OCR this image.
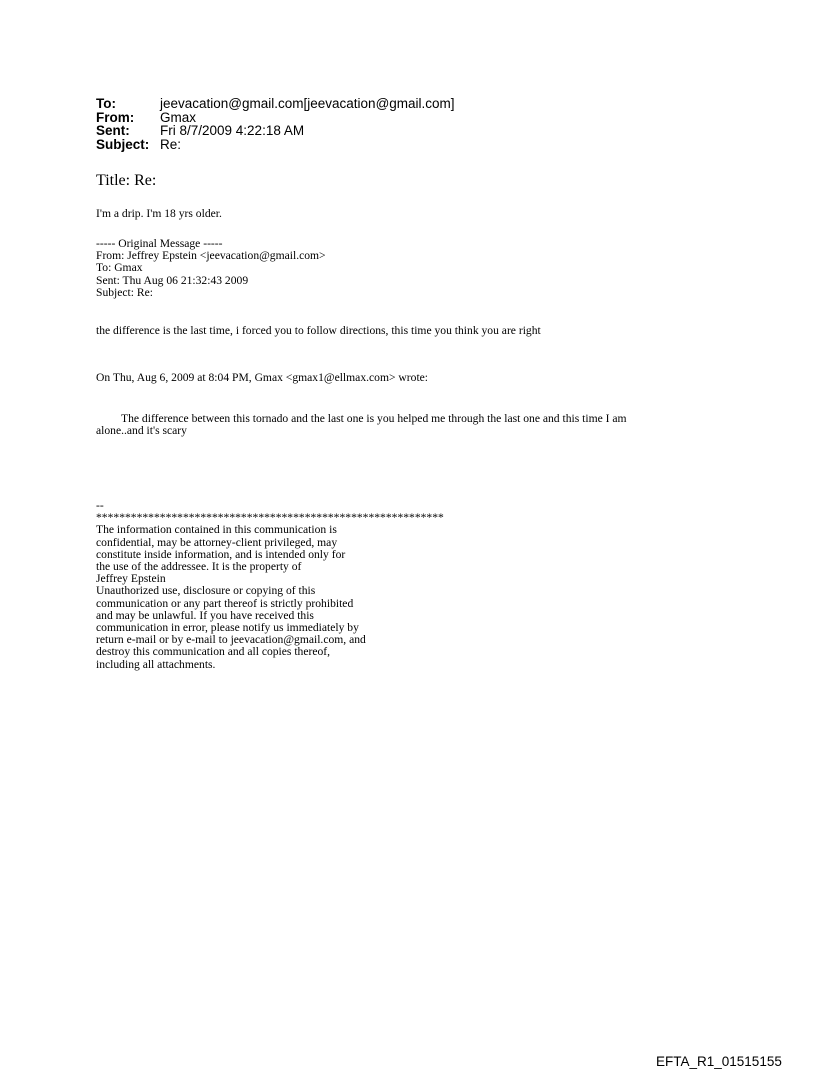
To:	jeevacation@gmail.com[jeevacation@gmail.com]
From:	Gmax
Sent:	Fri 8/7/2009 4:22:18 AM
Subject: Re:
Title: Re:
I'm a drip. I'm 18 yrs older.
----- Original Message -----
From: Jeffrey Epstein <jeevacation@gmail.com>
To: Gmax
Sent: Thu Aug 06 21:32:43 2009
Subject: Re:
the difference is the last time, i forced you to follow directions, this time you think you are right
On Thu, Aug 6, 2009 at 8:04 PM, Gmax <gmax1@ellmax.com> wrote:
The difference between this tornado and the last one is you helped me through the last one and this time I am
alone..and it's scary
--
************************************************************
The information contained in this communication is
confidential, may be attorney-client privileged, may
constitute inside information, and is intended only for
the use of the addressee. It is the property of
Jeffrey Epstein
Unauthorized use, disclosure or copying of this
communication or any part thereof is strictly prohibited
and may be unlawful. If you have received this
communication in error, please notify us immediately by
return e-mail or by e-mail to jeevacation@gmail.com, and
destroy this communication and all copies thereof,
including all attachments.
EFTA_R1_01515155
